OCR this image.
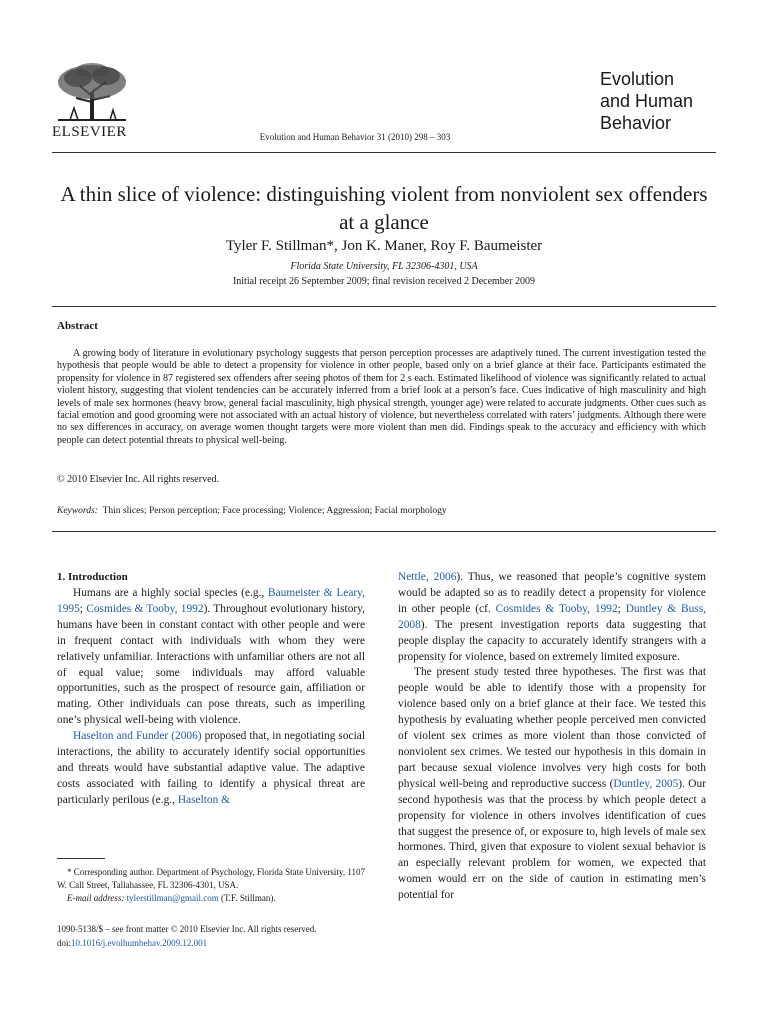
ELSEVIER	Evolution and Human Behavior 31 (2010) 298 – 303
Evolution
and Human
Behavior
A thin slice of violence: distinguishing violent from nonviolent sex offenders at a glance
Tyler F. Stillman*, Jon K. Maner, Roy F. Baumeister
Florida State University, FL 32306-4301, USA
Initial receipt 26 September 2009; final revision received 2 December 2009
Abstract
A growing body of literature in evolutionary psychology suggests that person perception processes are adaptively tuned. The current investigation tested the hypothesis that people would be able to detect a propensity for violence in other people, based only on a brief glance at their face. Participants estimated the propensity for violence in 87 registered sex offenders after seeing photos of them for 2 s each. Estimated likelihood of violence was significantly related to actual violent history, suggesting that violent tendencies can be accurately inferred from a brief look at a person’s face. Cues indicative of high masculinity and high levels of male sex hormones (heavy brow, general facial masculinity, high physical strength, younger age) were related to accurate judgments. Other cues such as facial emotion and good grooming were not associated with an actual history of violence, but nevertheless correlated with raters’ judgments. Although there were no sex differences in accuracy, on average women thought targets were more violent than men did. Findings speak to the accuracy and efficiency with which people can detect potential threats to physical well-being.
© 2010 Elsevier Inc. All rights reserved.
Keywords: Thin slices; Person perception; Face processing; Violence; Aggression; Facial morphology
1. Introduction

Humans are a highly social species (e.g., Baumeister & Leary, 1995; Cosmides & Tooby, 1992). Throughout evolutionary history, humans have been in constant contact with other people and were in frequent contact with individuals with whom they were relatively unfamiliar. Interactions with unfamiliar others are not all of equal value; some individuals may afford valuable opportunities, such as the prospect of resource gain, affiliation or mating. Other individuals can pose threats, such as imperiling one’s physical well-being with violence.

Haselton and Funder (2006) proposed that, in negotiating social interactions, the ability to accurately identify social opportunities and threats would have substantial adaptive value. The adaptive costs associated with failing to identify a physical threat are particularly perilous (e.g., Haselton &

* Corresponding author. Department of Psychology, Florida State University, 1107 W. Call Street, Tallahassee, FL 32306-4301, USA.

E-mail address: tylerstillman@gmail.com (T.F. Stillman).

1090-5138/$ – see front matter © 2010 Elsevier Inc. All rights reserved.
doi:10.1016/j.evolhumbehav.2009.12.001

Nettle, 2006). Thus, we reasoned that people’s cognitive system would be adapted so as to readily detect a propensity for violence in other people (cf. Cosmides & Tooby, 1992; Duntley & Buss, 2008). The present investigation reports data suggesting that people display the capacity to accurately identify strangers with a propensity for violence, based on extremely limited exposure.

The present study tested three hypotheses. The first was that people would be able to identify those with a propensity for violence based only on a brief glance at their face. We tested this hypothesis by evaluating whether people perceived men convicted of violent sex crimes as more violent than those convicted of nonviolent sex crimes. We tested our hypothesis in this domain in part because sexual violence involves very high costs for both physical well-being and reproductive success (Duntley, 2005). Our second hypothesis was that the process by which people detect a propensity for violence in others involves identification of cues that suggest the presence of, or exposure to, high levels of male sex hormones. Third, given that exposure to violent sexual behavior is an especially relevant problem for women, we expected that women would err on the side of caution in estimating men’s potential for
